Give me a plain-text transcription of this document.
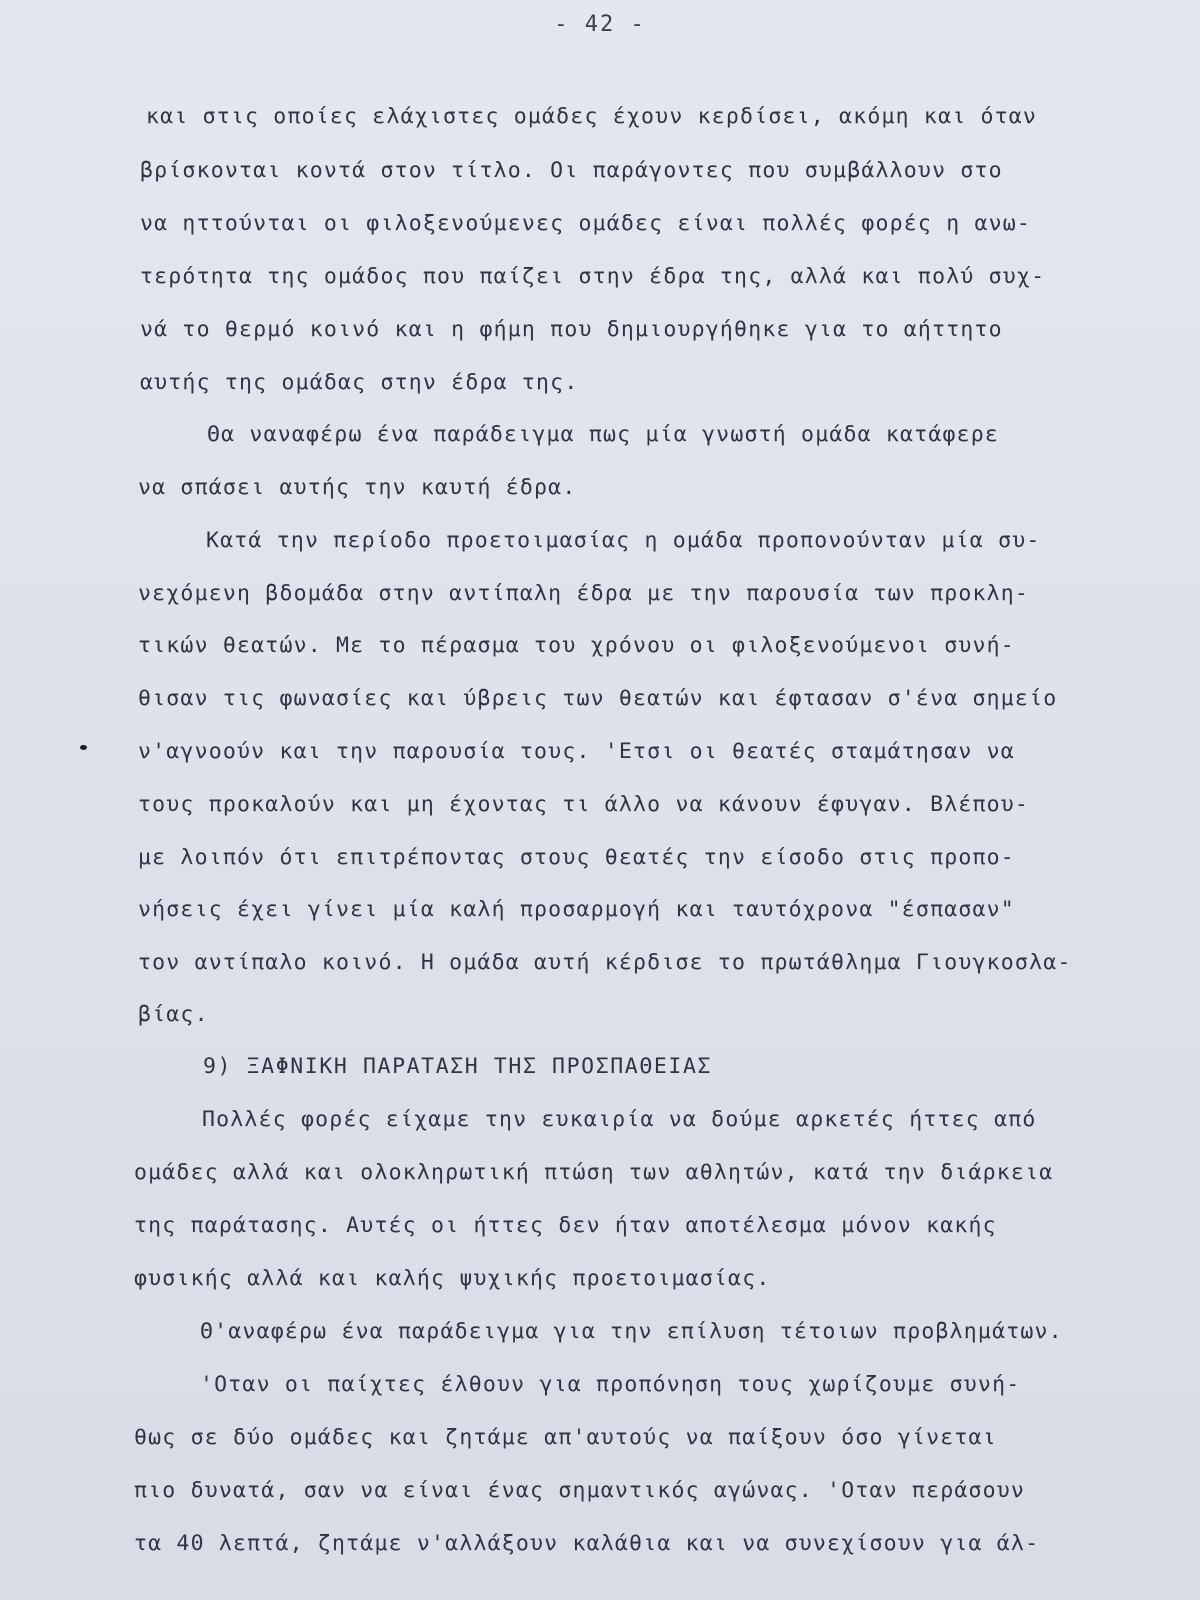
- 42 -
και στις οποίες ελάχιστες ομάδες έχουν κερδίσει, ακόμη και όταν
βρίσκονται κοντά στον τίτλο. Οι παράγοντες που συμβάλλουν στο
να ηττούνται οι φιλοξενούμενες ομάδες είναι πολλές φορές η ανω-
τερότητα της ομάδος που παίζει στην έδρα της, αλλά και πολύ συχ-
νά το θερμό κοινό και η φήμη που δημιουργήθηκε για το αήττητο
αυτής της ομάδας στην έδρα της.
Θα ναναφέρω ένα παράδειγμα πως μία γνωστή ομάδα κατάφερε
να σπάσει αυτής την καυτή έδρα.
Κατά την περίοδο προετοιμασίας η ομάδα προπονούνταν μία συ-
νεχόμενη βδομάδα στην αντίπαλη έδρα με την παρουσία των προκλη-
τικών θεατών. Με το πέρασμα του χρόνου οι φιλοξενούμενοι συνή-
θισαν τις φωνασίες και ύβρεις των θεατών και έφτασαν σ'ένα σημείο
ν'αγνοούν και την παρουσία τους. 'Ετσι οι θεατές σταμάτησαν να
τους προκαλούν και μη έχοντας τι άλλο να κάνουν έφυγαν. Βλέπου-
με λοιπόν ότι επιτρέποντας στους θεατές την είσοδο στις προπο-
νήσεις έχει γίνει μία καλή προσαρμογή και ταυτόχρονα "έσπασαν"
τον αντίπαλο κοινό. Η ομάδα αυτή κέρδισε το πρωτάθλημα Γιουγκοσλα-
βίας.
9) ΞΑΦΝΙΚΗ ΠΑΡΑΤΑΣΗ ΤΗΣ ΠΡΟΣΠΑΘΕΙΑΣ
Πολλές φορές είχαμε την ευκαιρία να δούμε αρκετές ήττες από
ομάδες αλλά και ολοκληρωτική πτώση των αθλητών, κατά την διάρκεια
της παράτασης. Αυτές οι ήττες δεν ήταν αποτέλεσμα μόνον κακής
φυσικής αλλά και καλής ψυχικής προετοιμασίας.
Θ'αναφέρω ένα παράδειγμα για την επίλυση τέτοιων προβλημάτων.
'Οταν οι παίχτες έλθουν για προπόνηση τους χωρίζουμε συνή-
θως σε δύο ομάδες και ζητάμε απ'αυτούς να παίξουν όσο γίνεται
πιο δυνατά, σαν να είναι ένας σημαντικός αγώνας. 'Οταν περάσουν
τα 40 λεπτά, ζητάμε ν'αλλάξουν καλάθια και να συνεχίσουν για άλ-
